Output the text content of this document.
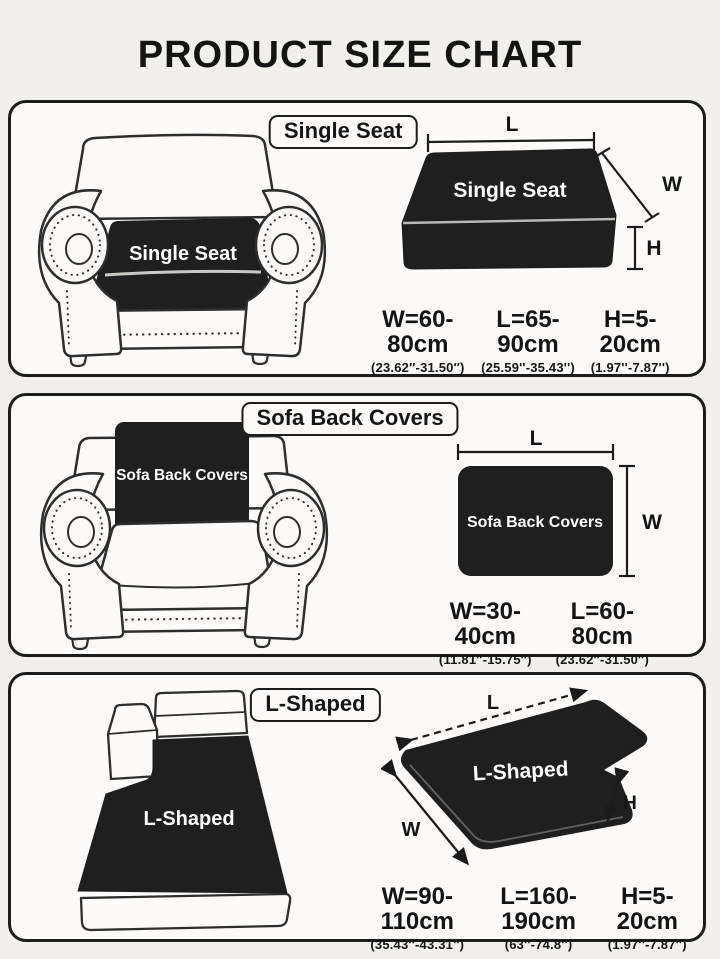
PRODUCT SIZE CHART
Single Seat
Single Seat
L
Single Seat	W
H
W=60-80cm
(23.62″-31.50″)
L=65-90cm
(25.59''-35.43'')
H=5-20cm
(1.97''-7.87'')
Sofa Back Covers
Sofa Back Covers
L
Sofa Back Covers W
W=30-40cm
(11.81″-15.75″)
L=60-80cm
(23.62″-31.50″)
L-Shaped
L-Shaped
L
L-Shaped
W
H
W=90-110cm
(35.43''-43.31'')
L=160-190cm
(63''-74.8'')
H=5-20cm
(1.97''-7.87'')
